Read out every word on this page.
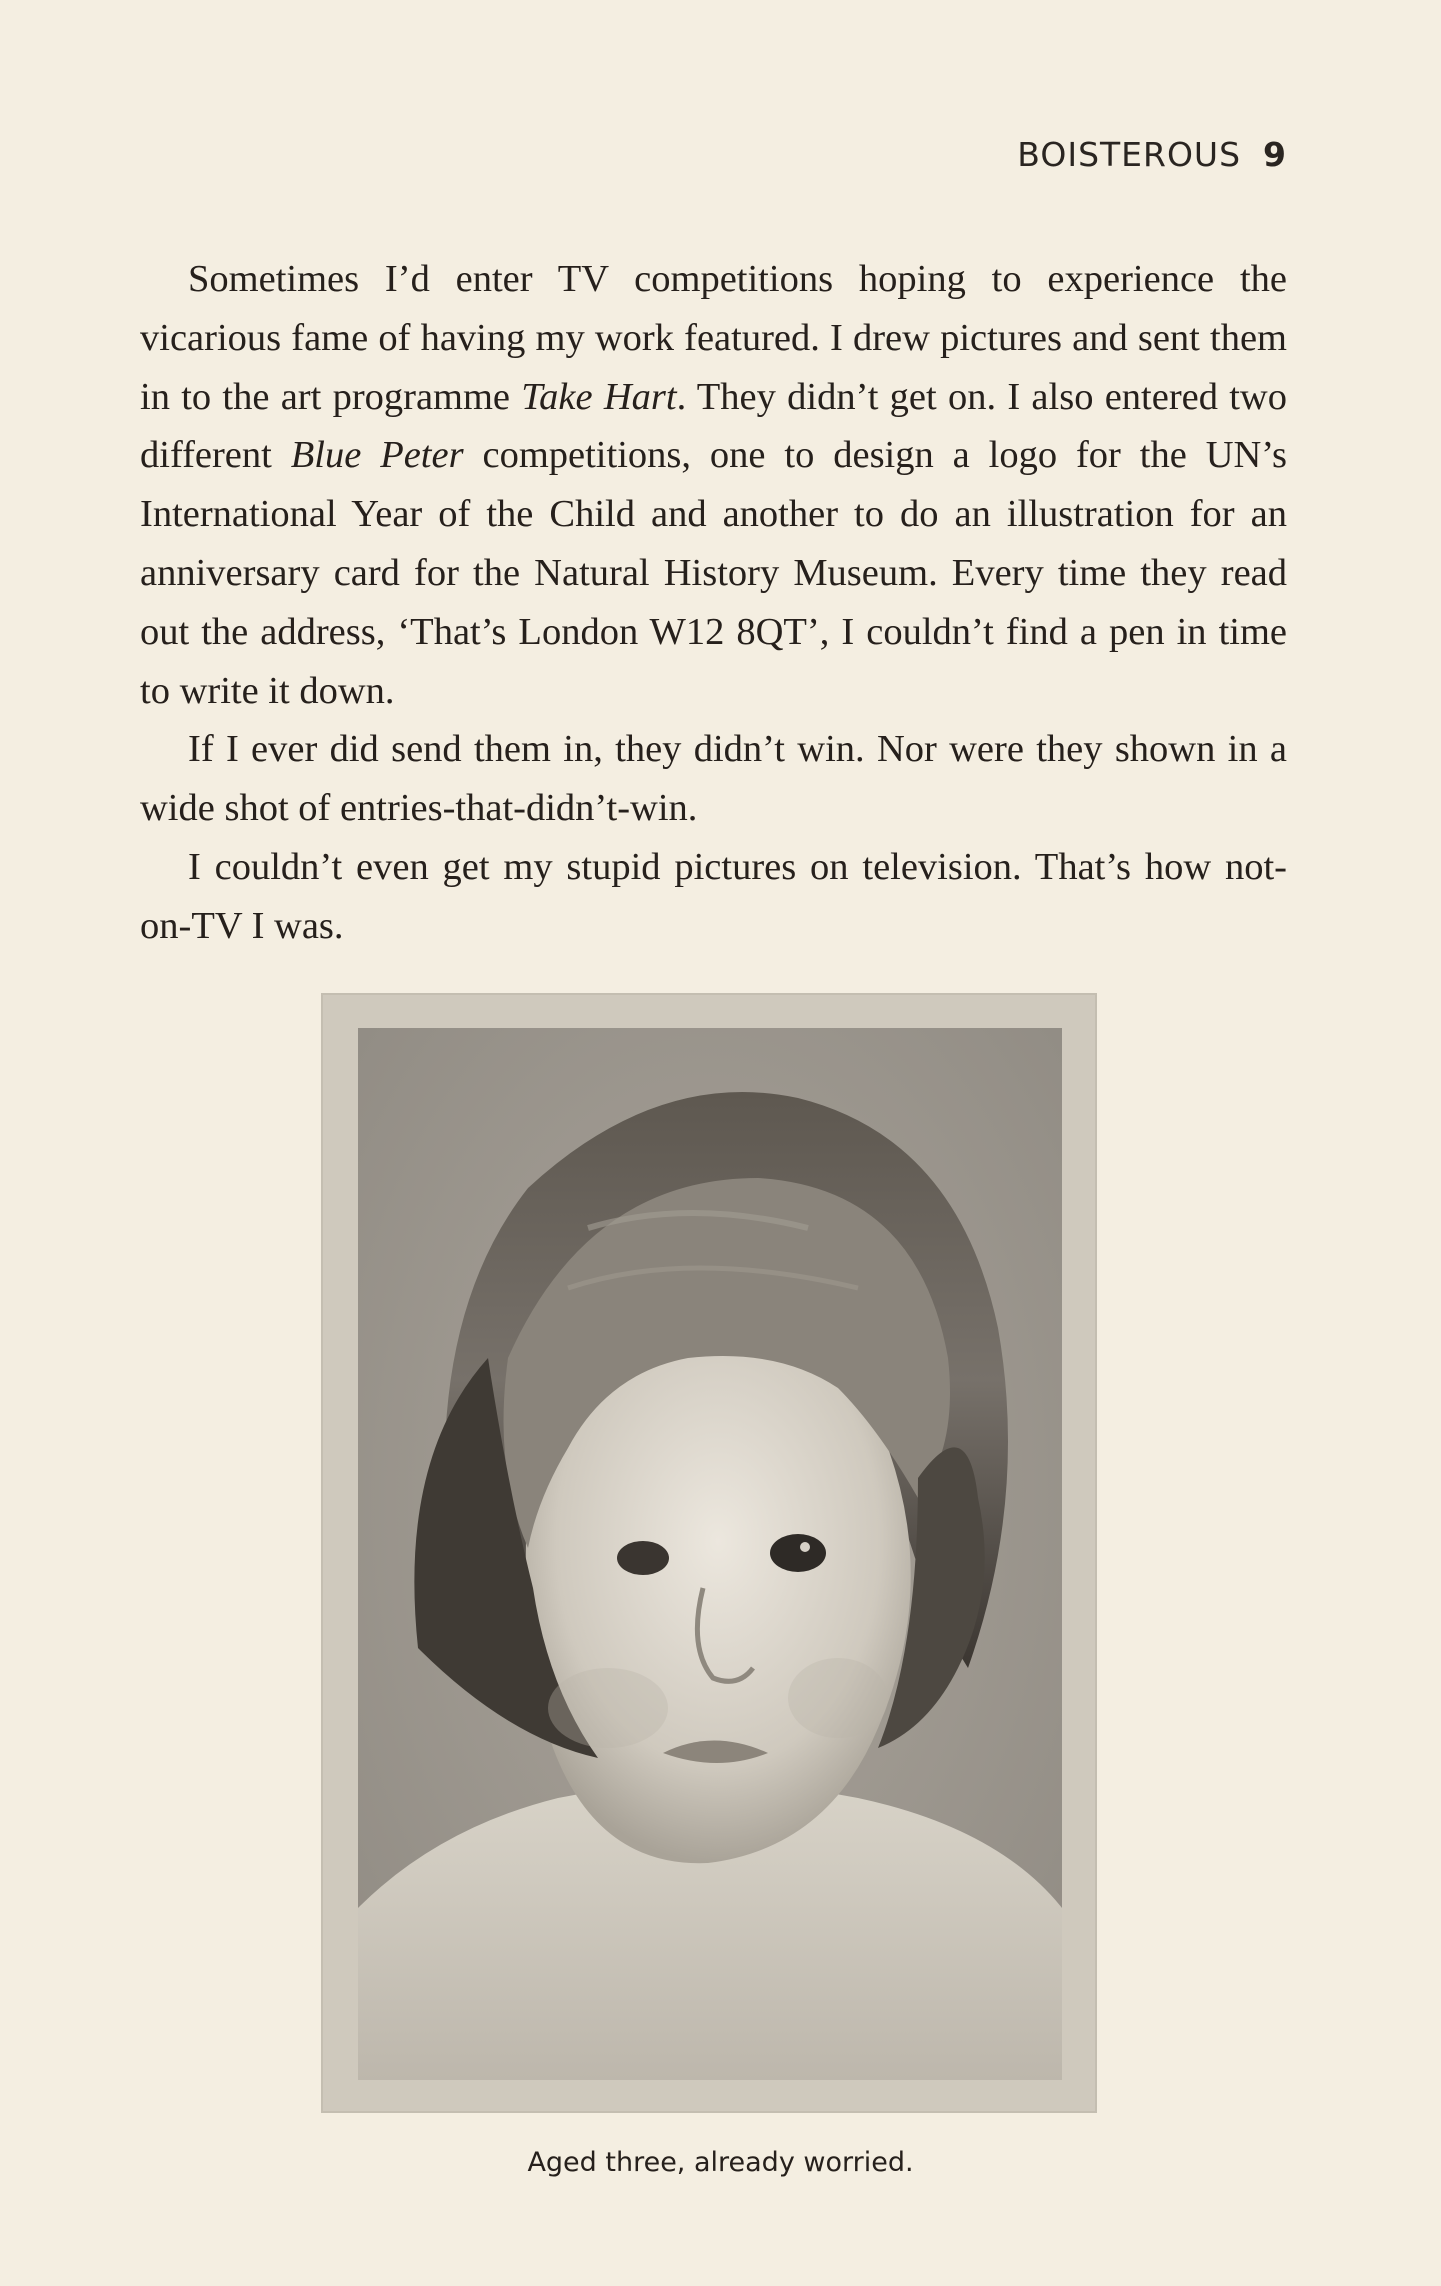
BOISTEROUS 9

Sometimes I’d enter TV competitions hoping to experience the vicarious fame of having my work featured. I drew pictures and sent them in to the art programme Take Hart. They didn’t get on. I also entered two different Blue Peter competitions, one to design a logo for the UN’s International Year of the Child and another to do an illustration for an anniversary card for the Natural History Museum. Every time they read out the address, ‘That’s London W12 8QT’, I couldn’t find a pen in time to write it down.

If I ever did send them in, they didn’t win. Nor were they shown in a wide shot of entries-that-didn’t-win.

I couldn’t even get my stupid pictures on television. That’s how not-on-TV I was.

Aged three, already worried.
